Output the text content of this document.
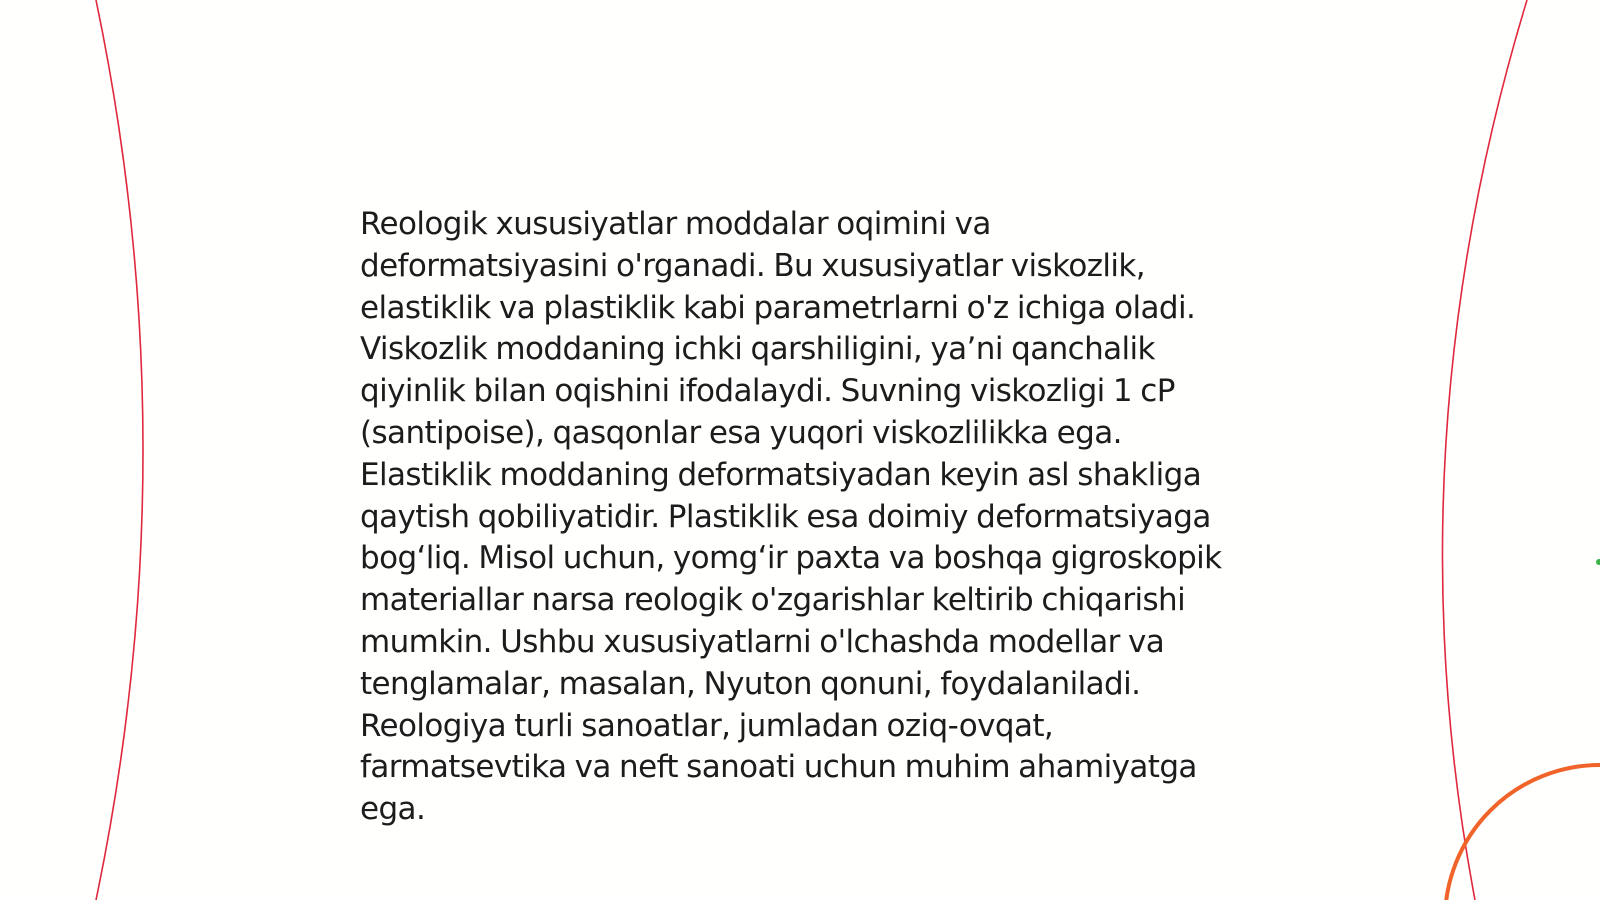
Reologik xususiyatlar moddalar oqimini va deformatsiyasini o'rganadi. Bu xususiyatlar viskozlik, elastiklik va plastiklik kabi parametrlarni o'z ichiga oladi. Viskozlik moddaning ichki qarshiligini, ya’ni qanchalik qiyinlik bilan oqishini ifodalaydi. Suvning viskozligi 1 cP (santipoise), qasqonlar esa yuqori viskozlilikka ega. Elastiklik moddaning deformatsiyadan keyin asl shakliga qaytish qobiliyatidir. Plastiklik esa doimiy deformatsiyaga bog‘liq. Misol uchun, yomg‘ir paxta va boshqa gigroskopik materiallar narsa reologik o'zgarishlar keltirib chiqarishi mumkin. Ushbu xususiyatlarni o'lchashda modellar va tenglamalar, masalan, Nyuton qonuni, foydalaniladi. Reologiya turli sanoatlar, jumladan oziq-ovqat, farmatsevtika va neft sanoati uchun muhim ahamiyatga ega.
